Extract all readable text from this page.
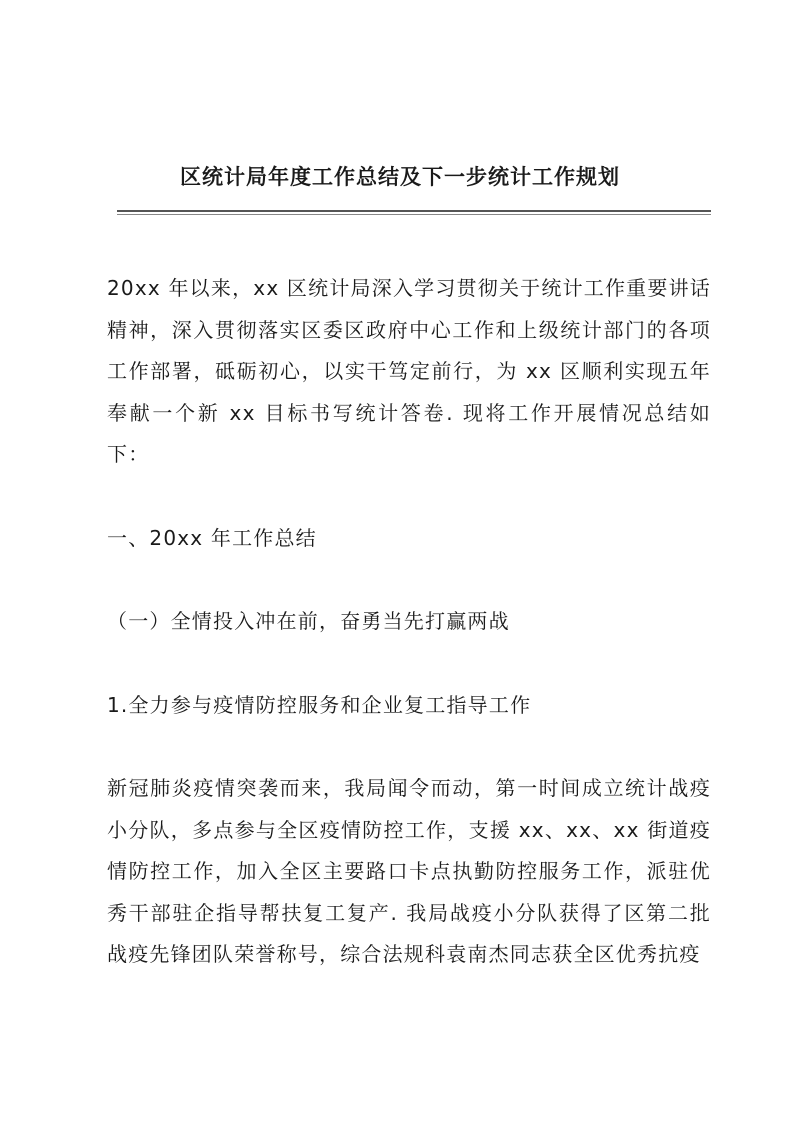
区统计局年度工作总结及下一步统计工作规划

20xx 年以来，xx 区统计局深入学习贯彻关于统计工作重要讲话精神，深入贯彻落实区委区政府中心工作和上级统计部门的各项工作部署，砥砺初心，以实干笃定前行，为 xx 区顺利实现五年奉献一个新 xx 目标书写统计答卷. 现将工作开展情况总结如下：

一、20xx 年工作总结

（一）全情投入冲在前，奋勇当先打赢两战

1.全力参与疫情防控服务和企业复工指导工作

新冠肺炎疫情突袭而来，我局闻令而动，第一时间成立统计战疫小分队，多点参与全区疫情防控工作，支援 xx、xx、xx 街道疫情防控工作，加入全区主要路口卡点执勤防控服务工作，派驻优秀干部驻企指导帮扶复工复产. 我局战疫小分队获得了区第二批战疫先锋团队荣誉称号，综合法规科袁南杰同志获全区优秀抗疫
